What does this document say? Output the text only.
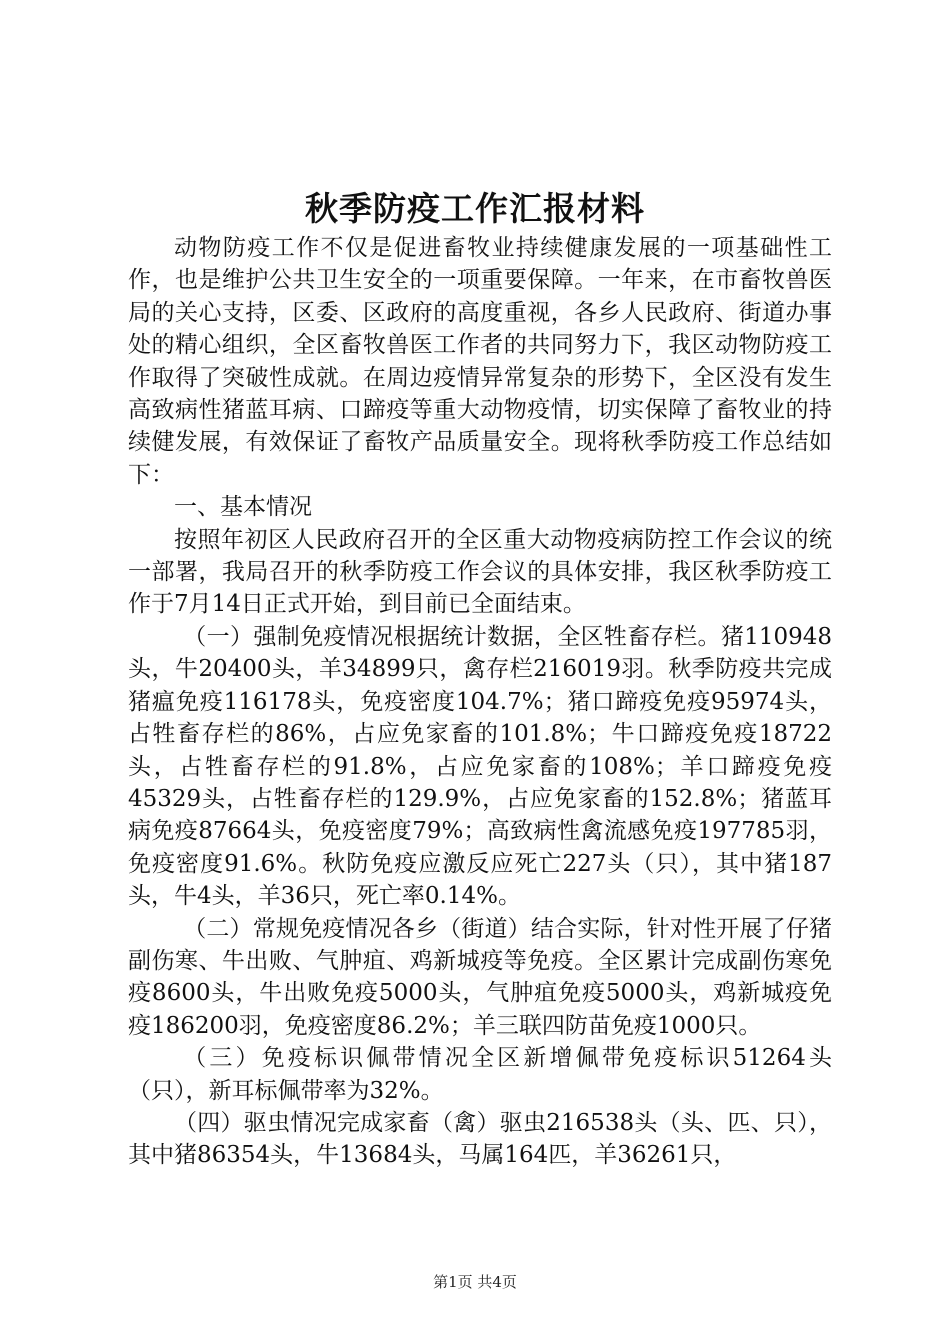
秋季防疫工作汇报材料

动物防疫工作不仅是促进畜牧业持续健康发展的一项基础性工作，也是维护公共卫生安全的一项重要保障。一年来，在市畜牧兽医局的关心支持，区委、区政府的高度重视，各乡人民政府、街道办事处的精心组织，全区畜牧兽医工作者的共同努力下，我区动物防疫工作取得了突破性成就。在周边疫情异常复杂的形势下，全区没有发生高致病性猪蓝耳病、口蹄疫等重大动物疫情，切实保障了畜牧业的持续健发展，有效保证了畜牧产品质量安全。现将秋季防疫工作总结如下：

一、基本情况

按照年初区人民政府召开的全区重大动物疫病防控工作会议的统一部署，我局召开的秋季防疫工作会议的具体安排，我区秋季防疫工作于7月14日正式开始，到目前已全面结束。

（一）强制免疫情况根据统计数据，全区牲畜存栏。猪110948头，牛20400头，羊34899只，禽存栏216019羽。秋季防疫共完成猪瘟免疫116178头，免疫密度104.7%；猪口蹄疫免疫95974头，占牲畜存栏的86%，占应免家畜的101.8%；牛口蹄疫免疫18722头，占牲畜存栏的91.8%，占应免家畜的108%；羊口蹄疫免疫45329头，占牲畜存栏的129.9%，占应免家畜的152.8%；猪蓝耳病免疫87664头，免疫密度79%；高致病性禽流感免疫197785羽，免疫密度91.6%。秋防免疫应激反应死亡227头（只），其中猪187头，牛4头，羊36只，死亡率0.14%。

（二）常规免疫情况各乡（街道）结合实际，针对性开展了仔猪副伤寒、牛出败、气肿疽、鸡新城疫等免疫。全区累计完成副伤寒免疫8600头，牛出败免疫5000头，气肿疽免疫5000头，鸡新城疫免疫186200羽，免疫密度86.2%；羊三联四防苗免疫1000只。

（三）免疫标识佩带情况全区新增佩带免疫标识51264头（只），新耳标佩带率为32%。

（四）驱虫情况完成家畜（禽）驱虫216538头（头、匹、只），其中猪86354头，牛13684头，马属164匹，羊36261只，

第1页 共4页
